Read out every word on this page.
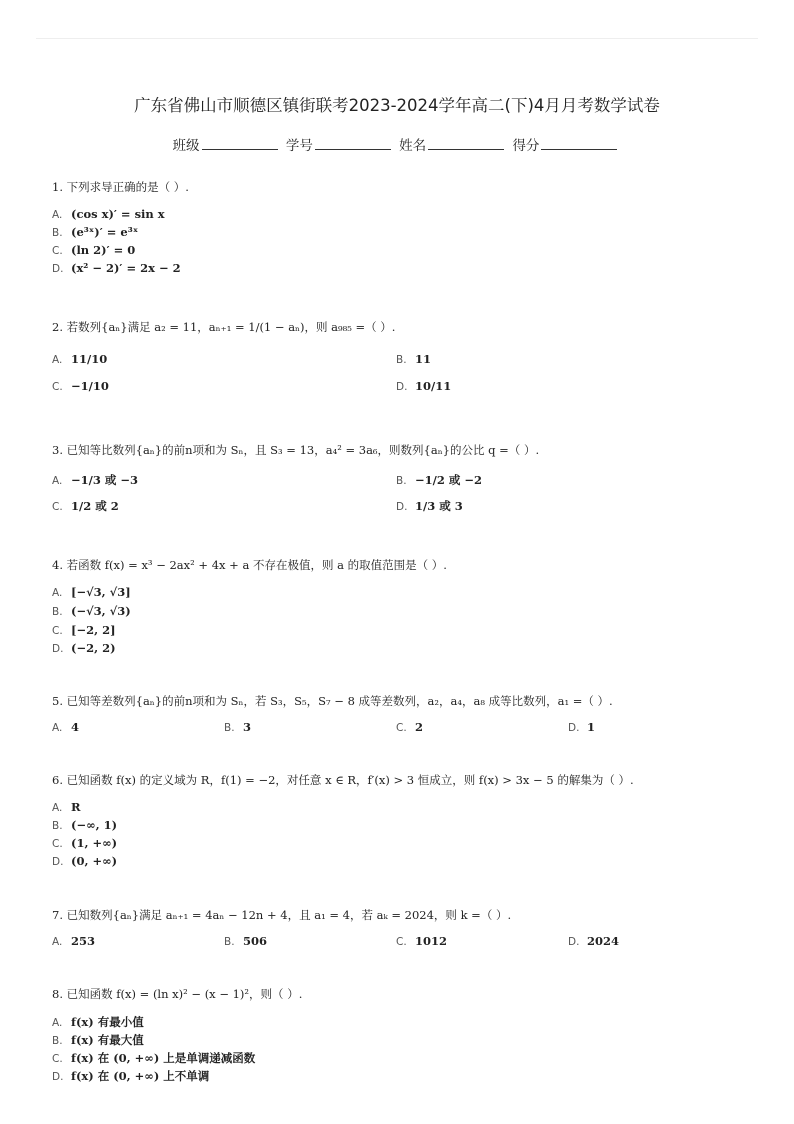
广东省佛山市顺德区镇街联考2023-2024学年高二(下)4月月考数学试卷
班级	学号	姓名	得分
1. 下列求导正确的是（ ）.
A. (cos x)′ = sin x
B. (e³ˣ)′ = e³ˣ
C. (ln 2)′ = 0
D. (x² − 2)′ = 2x − 2
2. 若数列{aₙ}满足 a₂ = 11，aₙ₊₁ = 1/(1 − aₙ)，则 a₉₈₅ =（ ）.
A. 11/10	B. 11
C. −1/10	D. 10/11
3. 已知等比数列{aₙ}的前n项和为 Sₙ，且 S₃ = 13，a₄² = 3a₆，则数列{aₙ}的公比 q =（ ）.
A. −1/3 或 −3	B. −1/2 或 −2
C. 1/2 或 2	D. 1/3 或 3
4. 若函数 f(x) = x³ − 2ax² + 4x + a 不存在极值，则 a 的取值范围是（ ）.
A. [−√3, √3]
B. (−√3, √3)
C. [−2, 2]
D. (−2, 2)
5. 已知等差数列{aₙ}的前n项和为 Sₙ，若 S₃，S₅，S₇ − 8 成等差数列，a₂，a₄，a₈ 成等比数列，a₁ =（ ）.
A. 4	B. 3	C. 2	D. 1
6. 已知函数 f(x) 的定义域为 R，f(1) = −2，对任意 x ∈ R，f′(x) > 3 恒成立，则 f(x) > 3x − 5 的解集为（ ）.
A. R
B. (−∞, 1)
C. (1, +∞)
D. (0, +∞)
7. 已知数列{aₙ}满足 aₙ₊₁ = 4aₙ − 12n + 4，且 a₁ = 4，若 aₖ = 2024，则 k =（ ）.
A. 253	B. 506	C. 1012	D. 2024
8. 已知函数 f(x) = (ln x)² − (x − 1)²，则（ ）.
A. f(x) 有最小值
B. f(x) 有最大值
C. f(x) 在 (0, +∞) 上是单调递减函数
D. f(x) 在 (0, +∞) 上不单调
